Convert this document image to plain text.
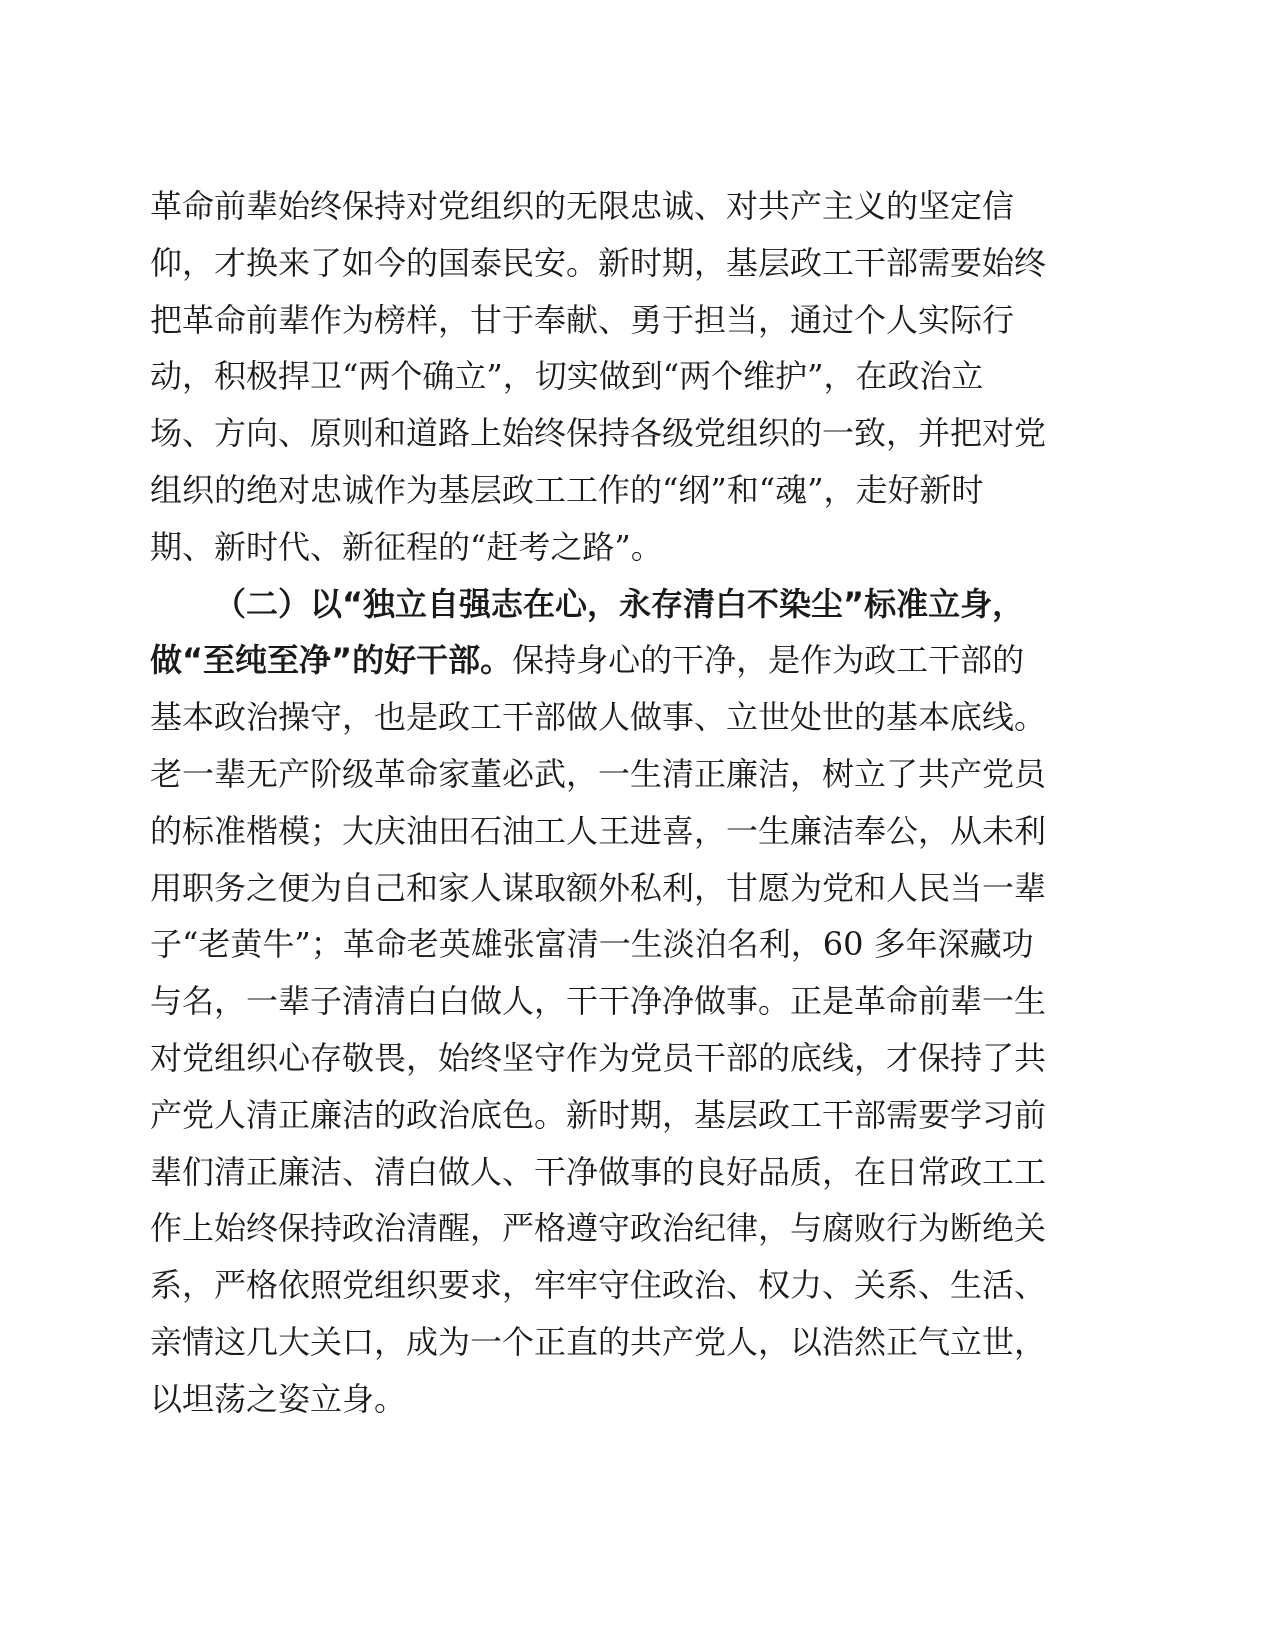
革命前辈始终保持对党组织的无限忠诚、对共产主义的坚定信
仰，才换来了如今的国泰民安。新时期，基层政工干部需要始终
把革命前辈作为榜样，甘于奉献、勇于担当，通过个人实际行
动，积极捍卫“两个确立”，切实做到“两个维护”，在政治立
场、方向、原则和道路上始终保持各级党组织的一致，并把对党
组织的绝对忠诚作为基层政工工作的“纲”和“魂”，走好新时
期、新时代、新征程的“赶考之路”。
（二）以“独立自强志在心，永存清白不染尘”标准立身，
做“至纯至净”的好干部。保持身心的干净，是作为政工干部的
基本政治操守，也是政工干部做人做事、立世处世的基本底线。
老一辈无产阶级革命家董必武，一生清正廉洁，树立了共产党员
的标准楷模；大庆油田石油工人王进喜，一生廉洁奉公，从未利
用职务之便为自己和家人谋取额外私利，甘愿为党和人民当一辈
子“老黄牛”；革命老英雄张富清一生淡泊名利，60 多年深藏功
与名，一辈子清清白白做人，干干净净做事。正是革命前辈一生
对党组织心存敬畏，始终坚守作为党员干部的底线，才保持了共
产党人清正廉洁的政治底色。新时期，基层政工干部需要学习前
辈们清正廉洁、清白做人、干净做事的良好品质，在日常政工工
作上始终保持政治清醒，严格遵守政治纪律，与腐败行为断绝关
系，严格依照党组织要求，牢牢守住政治、权力、关系、生活、
亲情这几大关口，成为一个正直的共产党人，以浩然正气立世，
以坦荡之姿立身。
